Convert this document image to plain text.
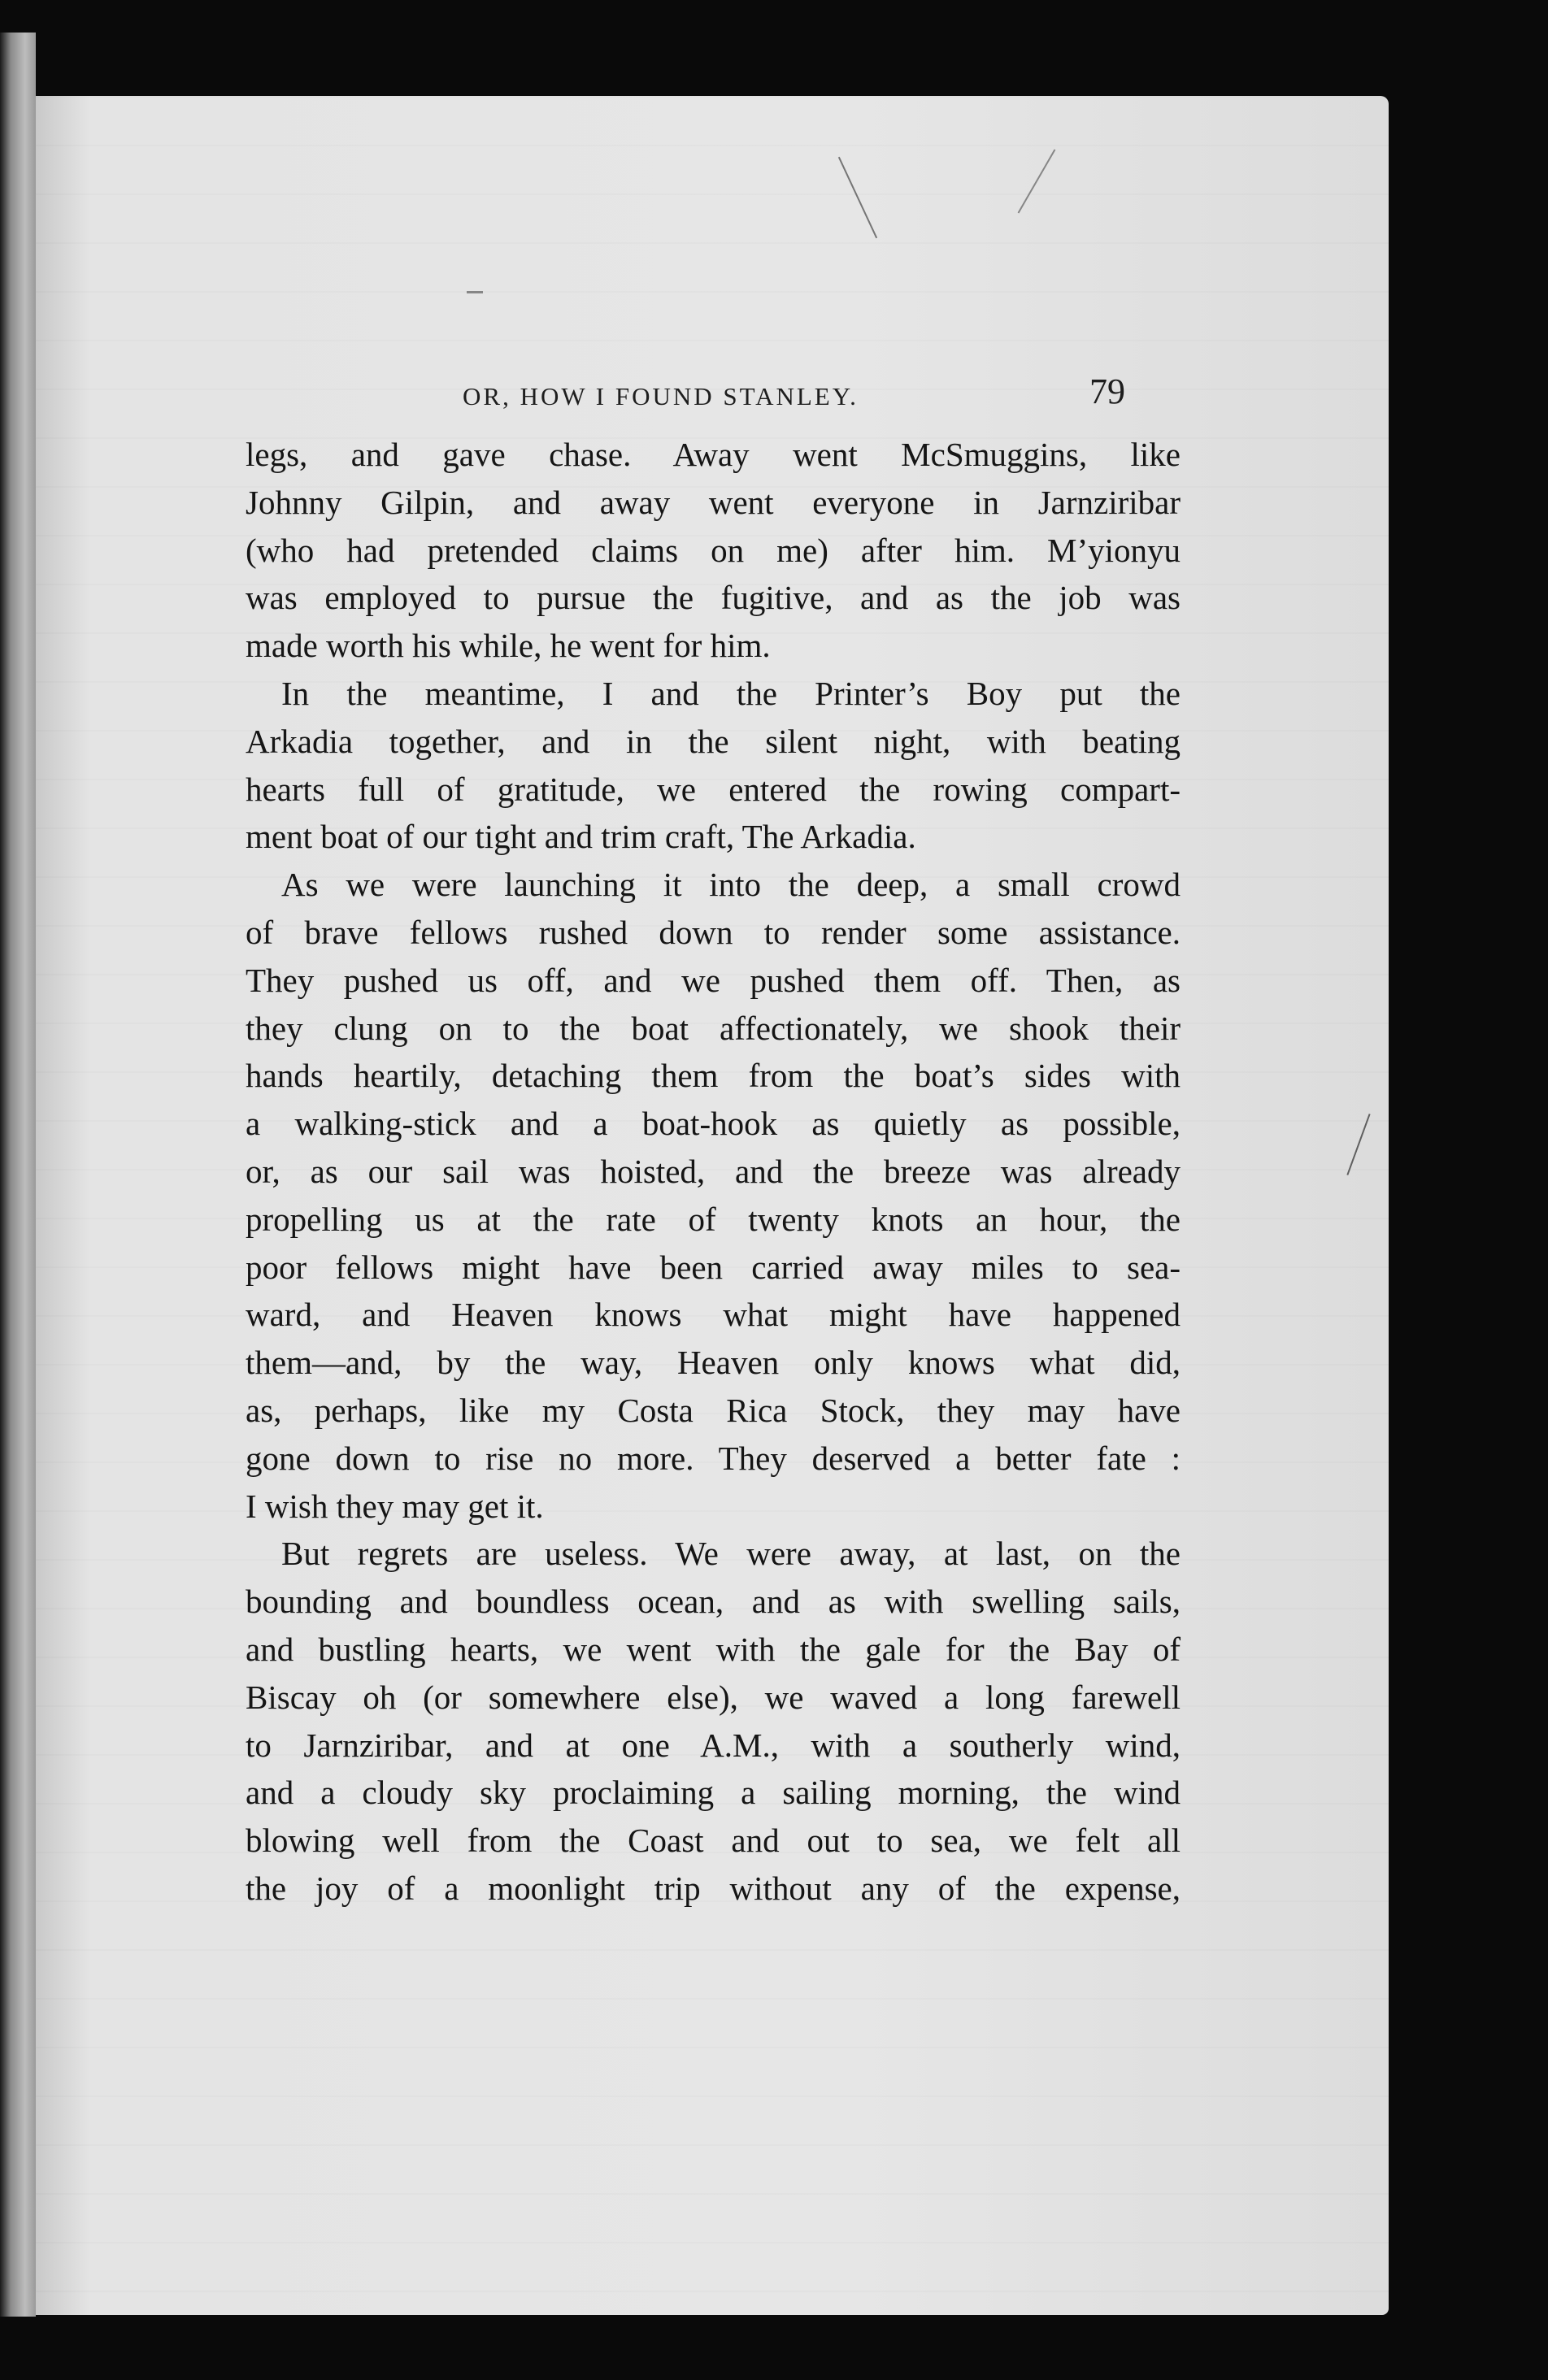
OR, HOW I FOUND STANLEY.	79
legs, and gave chase. Away went McSmuggins, like
Johnny Gilpin, and away went everyone in Jarnziribar
(who had pretended claims on me) after him. M’yionyu
was employed to pursue the fugitive, and as the job was
made worth his while, he went for him.
In the meantime, I and the Printer’s Boy put the
Arkadia together, and in the silent night, with beating
hearts full of gratitude, we entered the rowing compart-
ment boat of our tight and trim craft, The Arkadia.
As we were launching it into the deep, a small crowd
of brave fellows rushed down to render some assistance.
They pushed us off, and we pushed them off. Then, as
they clung on to the boat affectionately, we shook their
hands heartily, detaching them from the boat’s sides with
a walking-stick and a boat-hook as quietly as possible,
or, as our sail was hoisted, and the breeze was already
propelling us at the rate of twenty knots an hour, the
poor fellows might have been carried away miles to sea-
ward, and Heaven knows what might have happened
them—and, by the way, Heaven only knows what did,
as, perhaps, like my Costa Rica Stock, they may have
gone down to rise no more. They deserved a better fate :
I wish they may get it.
But regrets are useless. We were away, at last, on the
bounding and boundless ocean, and as with swelling sails,
and bustling hearts, we went with the gale for the Bay of
Biscay oh (or somewhere else), we waved a long farewell
to Jarnziribar, and at one A.M., with a southerly wind,
and a cloudy sky proclaiming a sailing morning, the wind
blowing well from the Coast and out to sea, we felt all
the joy of a moonlight trip without any of the expense,
